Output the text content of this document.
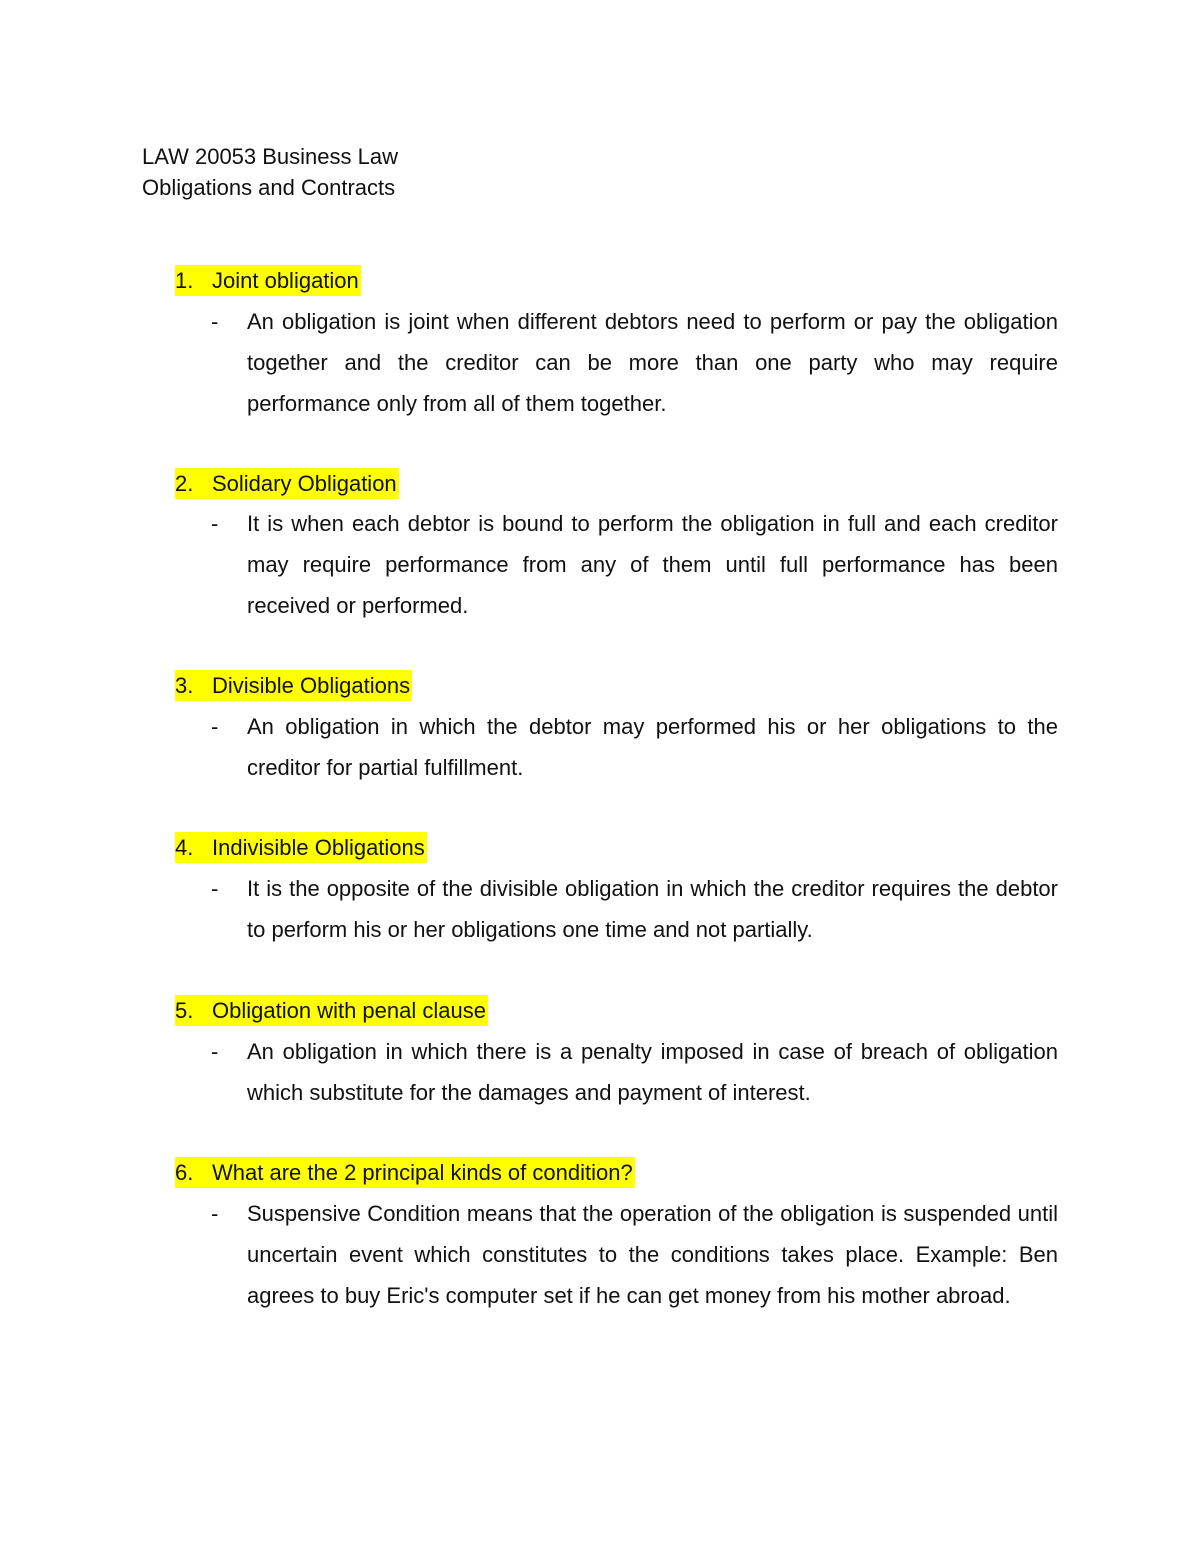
LAW 20053 Business Law
Obligations and Contracts
1. Joint obligation
- An obligation is joint when different debtors need to perform or pay the obligation together and the creditor can be more than one party who may require performance only from all of them together.
2. Solidary Obligation
- It is when each debtor is bound to perform the obligation in full and each creditor may require performance from any of them until full performance has been received or performed.
3. Divisible Obligations
- An obligation in which the debtor may performed his or her obligations to the creditor for partial fulfillment.
4. Indivisible Obligations
- It is the opposite of the divisible obligation in which the creditor requires the debtor to perform his or her obligations one time and not partially.
5. Obligation with penal clause
- An obligation in which there is a penalty imposed in case of breach of obligation which substitute for the damages and payment of interest.
6. What are the 2 principal kinds of condition?
- Suspensive Condition means that the operation of the obligation is suspended until uncertain event which constitutes to the conditions takes place. Example: Ben agrees to buy Eric's computer set if he can get money from his mother abroad.
